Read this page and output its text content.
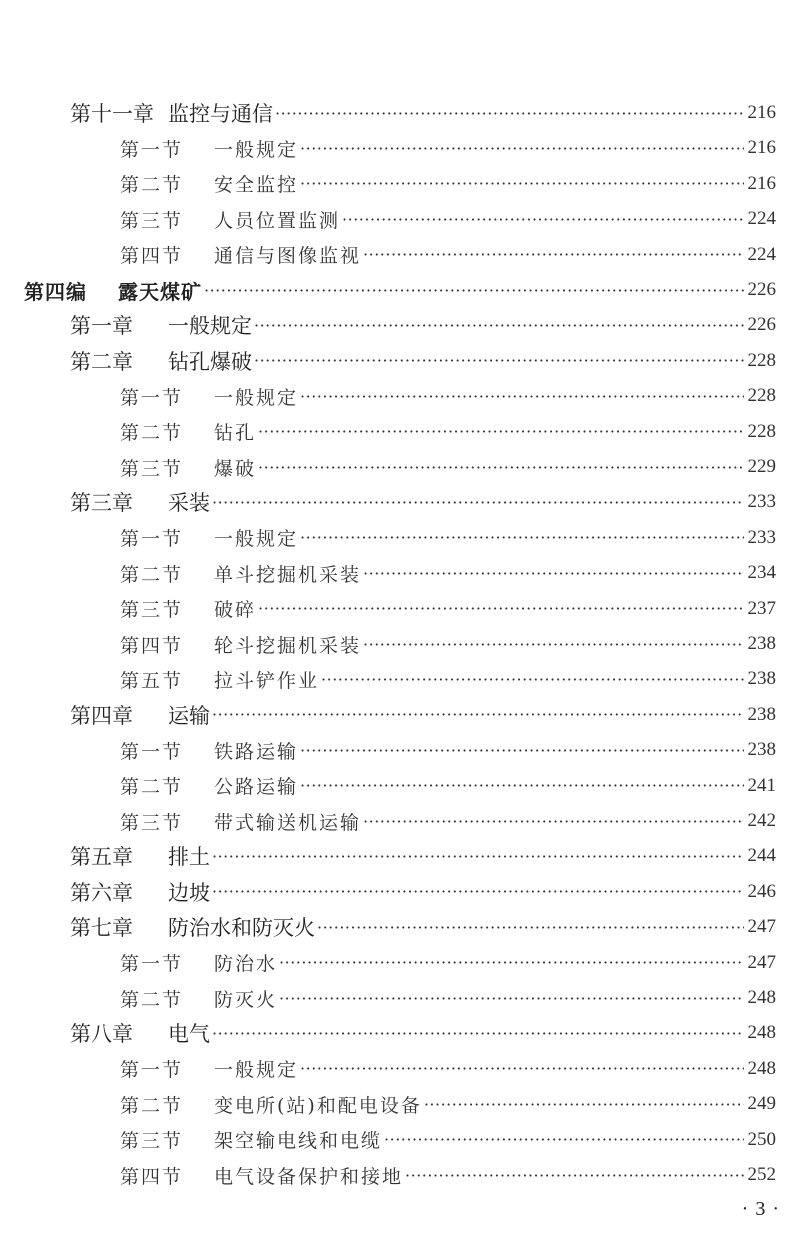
第十一章 监控与通信 ·····	216
第一节	一般规定 ·····	216
第二节	安全监控 ·····	216
第三节	人员位置监测 ·····	224
第四节	通信与图像监视 ·····	224
第四编	露天煤矿 ·····	226
第一章	一般规定 ·····	226
第二章	钻孔爆破 ·····	228
第一节	一般规定 ·····	228
第二节	钻孔 ·····	228
第三节	爆破 ·····	229
第三章	采装 ·····	233
第一节	一般规定 ·····	233
第二节	单斗挖掘机采装 ·····	234
第三节	破碎 ·····	237
第四节	轮斗挖掘机采装 ·····	238
第五节	拉斗铲作业 ·····	238
第四章	运输 ·····	238
第一节	铁路运输 ·····	238
第二节	公路运输 ·····	241
第三节	带式输送机运输 ·····	242
第五章	排土 ·····	244
第六章	边坡 ·····	246
第七章	防治水和防灭火 ·····	247
第一节	防治水 ·····	247
第二节	防灭火 ·····	248
第八章	电气 ·····	248
第一节	一般规定 ·····	248
第二节	变电所(站)和配电设备 ·····	249
第三节	架空输电线和电缆 ·····	250
第四节	电气设备保护和接地 ·····	252
· 3 ·
